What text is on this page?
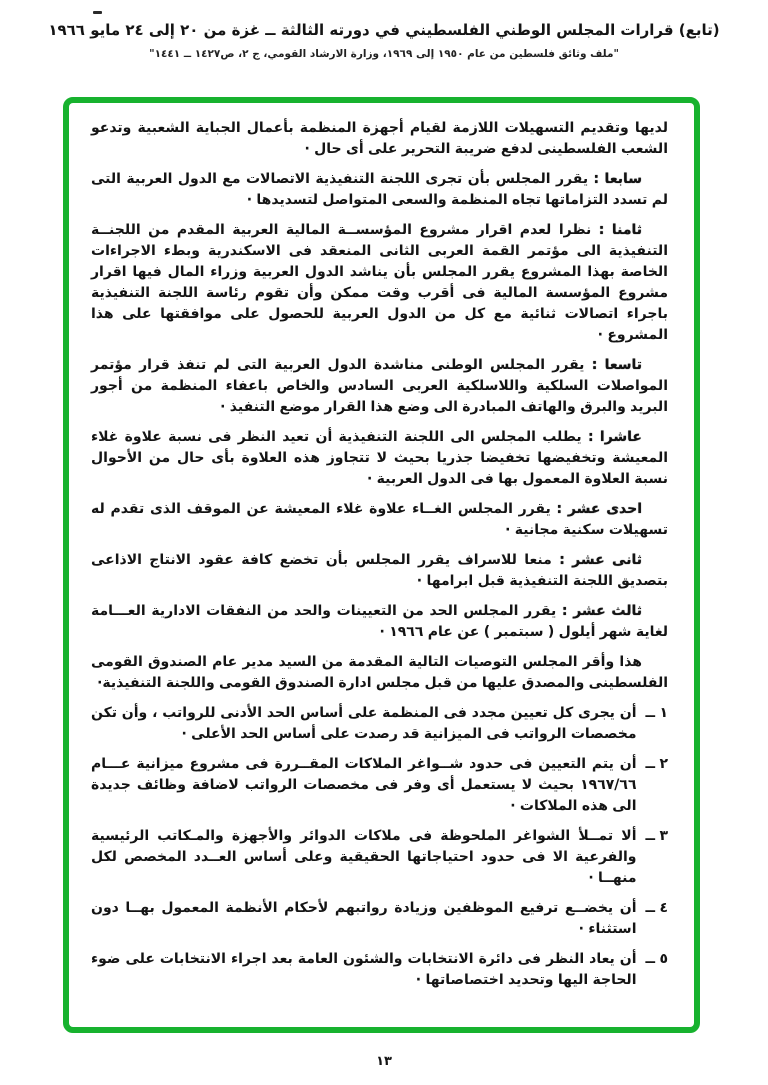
(تابع) قرارات المجلس الوطني الفلسطيني في دورته الثالثة ــ غزة من ٢٠ إلى ٢٤ مايو ١٩٦٦
"ملف وثائق فلسطين من عام ١٩٥٠ إلى ١٩٦٩، وزارة الارشاد القومي، ج ٢، ص١٤٢٧ ــ ١٤٤١"

لديها وتقديم التسهيلات اللازمة لقيام أجهزة المنظمة بأعمال الجباية الشعبية وتدعو الشعب الفلسطينى لدفع ضريبة التحرير على أى حال ·

سابعا :يقرر المجلس بأن تجرى اللجنة التنفيذية الاتصالات مع الدول العربية التى لم تسدد التزاماتها تجاه المنظمة والسعى المتواصل لتسديدها ·

ثامنا :نظرا لعدم اقرار مشروع المؤسســة المالية العربية المقدم من اللجنــة التنفيذية الى مؤتمر القمة العربى الثانى المنعقد فى الاسكندرية وبطء الاجراءات الخاصة بهذا المشروع يقرر المجلس بأن يناشد الدول العربية وزراء المال فيها اقرار مشروع المؤسسة المالية فى أقرب وقت ممكن وأن تقوم رئاسة اللجنة التنفيذية باجراء اتصالات ثنائية مع كل من الدول العربية للحصول على موافقتها على هذا المشروع ·

تاسعا :يقرر المجلس الوطنى مناشدة الدول العربية التى لم تنفذ قرار مؤتمر المواصلات السلكية واللاسلكية العربى السادس والخاص باعفاء المنظمة من أجور البريد والبرق والهاتف المبادرة الى وضع هذا القرار موضع التنفيذ ·

عاشرا :يطلب المجلس الى اللجنة التنفيذية أن تعيد النظر فى نسبة علاوة غلاء المعيشة وتخفيضها تخفيضا جذريا بحيث لا تتجاوز هذه العلاوة بأى حال من الأحوال نسبة العلاوة المعمول بها فى الدول العربية ·

احدى عشر :يقرر المجلس الغــاء علاوة غلاء المعيشة عن الموقف الذى تقدم له تسهيلات سكنية مجانية ·

ثانى عشر :منعا للاسراف يقرر المجلس بأن تخضع كافة عقود الانتاج الاذاعى بتصديق اللجنة التنفيذية قبل ابرامها ·

ثالث عشر :يقرر المجلس الحد من التعيينات والحد من النفقات الادارية العـــامة لغاية شهر أيلول ( سبتمبر ) عن عام ١٩٦٦ ·

هذا وأقر المجلس التوصيات التالية المقدمة من السيد مدير عام الصندوق القومى الفلسطينى والمصدق عليها من قبل مجلس ادارة الصندوق القومى واللجنة التنفيذية·

١ ــ
أن يجرى كل تعيين مجدد فى المنظمة على أساس الحد الأدنى للرواتب ، وأن تكن مخصصات الرواتب فى الميزانية قد رصدت على أساس الحد الأعلى ·
٢ ــ
أن يتم التعيين فى حدود شــواغر الملاكات المقــررة فى مشروع ميزانية عـــام ١٩٦٧/٦٦ بحيث لا يستعمل أى وفر فى مخصصات الرواتب لاضافة وظائف جديدة الى هذه الملاكات ·
٣ ــ
ألا تمــلأ الشواغر الملحوظة فى ملاكات الدوائر والأجهزة والمـكاتب الرئيسية والفرعية الا فى حدود احتياجاتها الحقيقية وعلى أساس العــدد المخصص لكل منهــا ·
٤ ــ
أن يخضــع ترفيع الموظفين وزيادة رواتبهم لأحكام الأنظمة المعمول بهــا دون استثناء ·
٥ ــ
أن يعاد النظر فى دائرة الانتخابات والشئون العامة بعد اجراء الانتخابات على ضوء الحاجة اليها وتحديد اختصاصاتها ·
١٣
